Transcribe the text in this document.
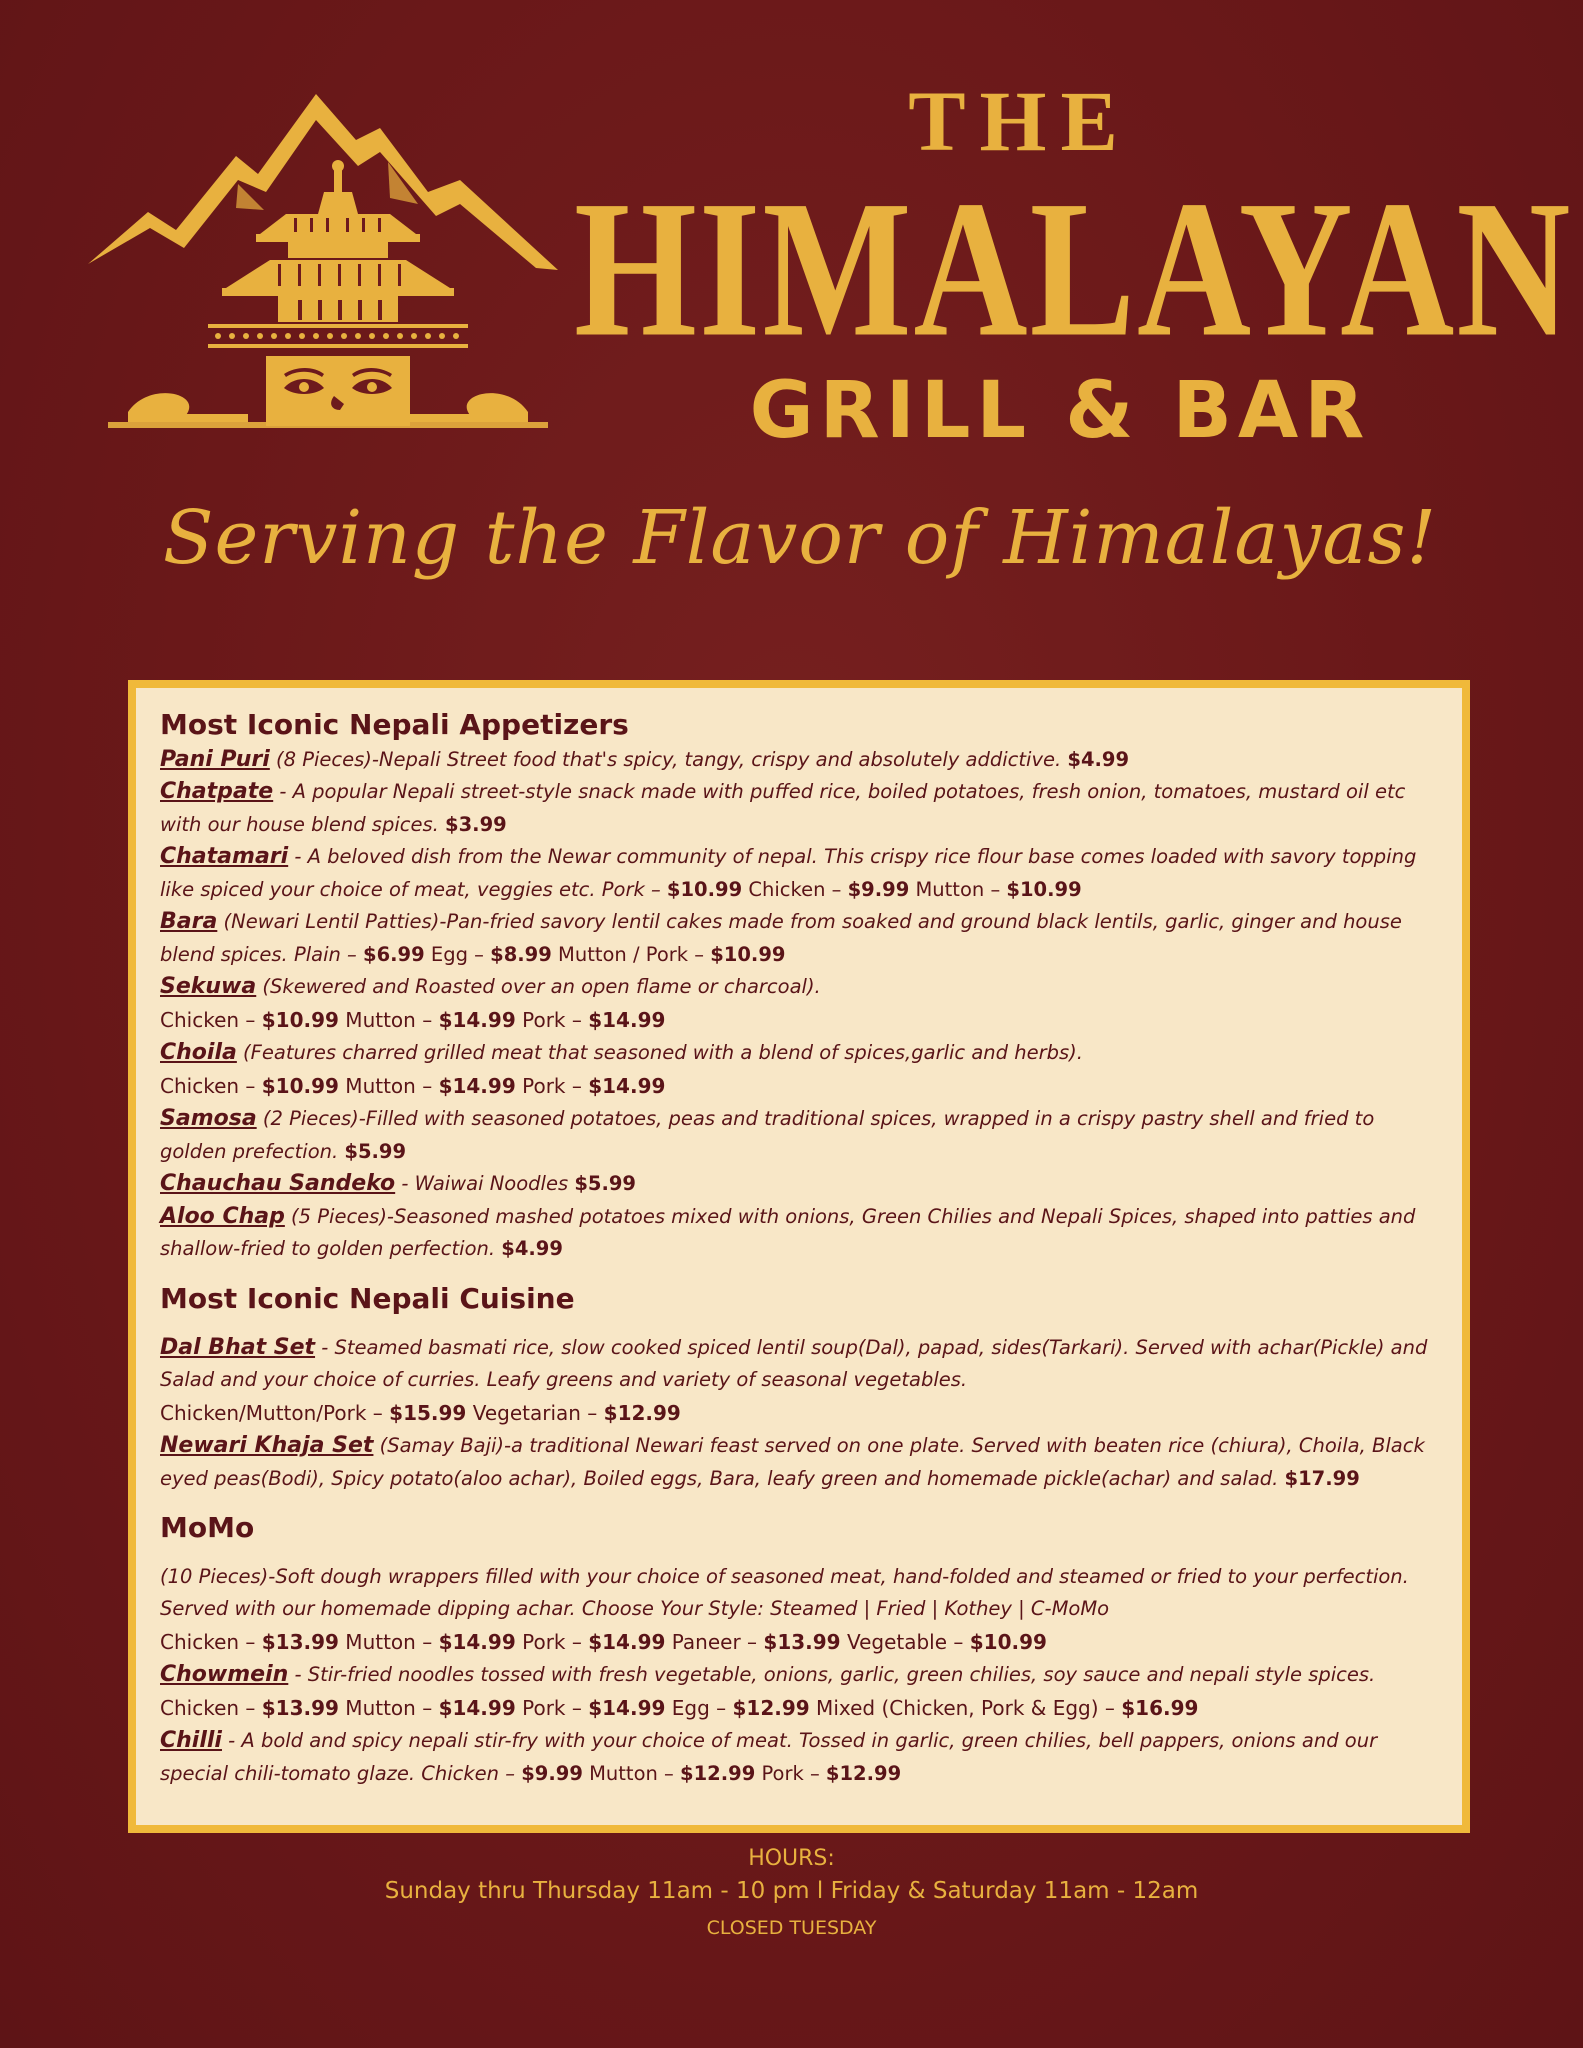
THE
HIMALAYAN
GRILL & BAR
Serving the Flavor of Himalayas!
Most Iconic Nepali Appetizers
Pani Puri (8 Pieces)-Nepali Street food that's spicy, tangy, crispy and absolutely addictive. $4.99
Chatpate - A popular Nepali street-style snack made with puffed rice, boiled potatoes, fresh onion, tomatoes, mustard oil etc with our house blend spices. $3.99
Chatamari - A beloved dish from the Newar community of nepal. This crispy rice flour base comes loaded with savory topping like spiced your choice of meat, veggies etc. Pork – $10.99 Chicken – $9.99 Mutton – $10.99
Bara (Newari Lentil Patties)-Pan-fried savory lentil cakes made from soaked and ground black lentils, garlic, ginger and house blend spices. Plain – $6.99 Egg – $8.99 Mutton / Pork – $10.99
Sekuwa (Skewered and Roasted over an open flame or charcoal).
Chicken – $10.99 Mutton – $14.99 Pork – $14.99
Choila (Features charred grilled meat that seasoned with a blend of spices,garlic and herbs).
Chicken – $10.99 Mutton – $14.99 Pork – $14.99
Samosa (2 Pieces)-Filled with seasoned potatoes, peas and traditional spices, wrapped in a crispy pastry shell and fried to golden prefection. $5.99
Chauchau Sandeko - Waiwai Noodles $5.99
Aloo Chap (5 Pieces)-Seasoned mashed potatoes mixed with onions, Green Chilies and Nepali Spices, shaped into patties and shallow-fried to golden perfection. $4.99
Most Iconic Nepali Cuisine
Dal Bhat Set - Steamed basmati rice, slow cooked spiced lentil soup(Dal), papad, sides(Tarkari). Served with achar(Pickle) and Salad and your choice of curries. Leafy greens and variety of seasonal vegetables.
Chicken/Mutton/Pork – $15.99 Vegetarian – $12.99
Newari Khaja Set (Samay Baji)-a traditional Newari feast served on one plate. Served with beaten rice (chiura), Choila, Black eyed peas(Bodi), Spicy potato(aloo achar), Boiled eggs, Bara, leafy green and homemade pickle(achar) and salad. $17.99
MoMo
(10 Pieces)-Soft dough wrappers filled with your choice of seasoned meat, hand-folded and steamed or fried to your perfection. Served with our homemade dipping achar. Choose Your Style: Steamed | Fried | Kothey | C-MoMo
Chicken – $13.99 Mutton – $14.99 Pork – $14.99 Paneer – $13.99 Vegetable – $10.99
Chowmein - Stir-fried noodles tossed with fresh vegetable, onions, garlic, green chilies, soy sauce and nepali style spices.
Chicken – $13.99 Mutton – $14.99 Pork – $14.99 Egg – $12.99 Mixed (Chicken, Pork & Egg) – $16.99
Chilli - A bold and spicy nepali stir-fry with your choice of meat. Tossed in garlic, green chilies, bell pappers, onions and our special chili-tomato glaze. Chicken – $9.99 Mutton – $12.99 Pork – $12.99
HOURS:
Sunday thru Thursday 11am - 10 pm l Friday & Saturday 11am - 12am
CLOSED TUESDAY
